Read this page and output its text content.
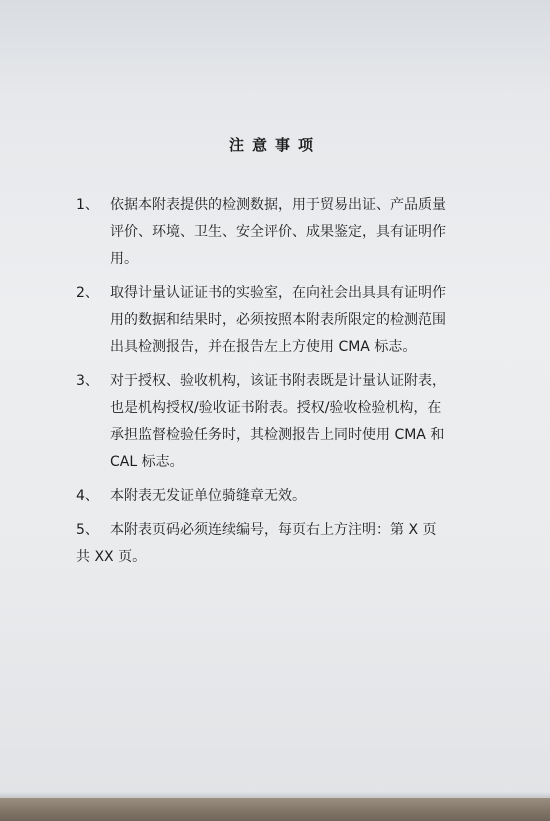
注意事项
1、 依据本附表提供的检测数据，用于贸易出证、产品质量
评价、环境、卫生、安全评价、成果鉴定，具有证明作
用。
2、 取得计量认证证书的实验室，在向社会出具具有证明作
用的数据和结果时，必须按照本附表所限定的检测范围
出具检测报告，并在报告左上方使用 CMA 标志。
3、 对于授权、验收机构，该证书附表既是计量认证附表，
也是机构授权/验收证书附表。授权/验收检验机构，在
承担监督检验任务时，其检测报告上同时使用 CMA 和
CAL 标志。
4、 本附表无发证单位骑缝章无效。
5、 本附表页码必须连续编号，每页右上方注明：第 X 页
共 XX 页。
